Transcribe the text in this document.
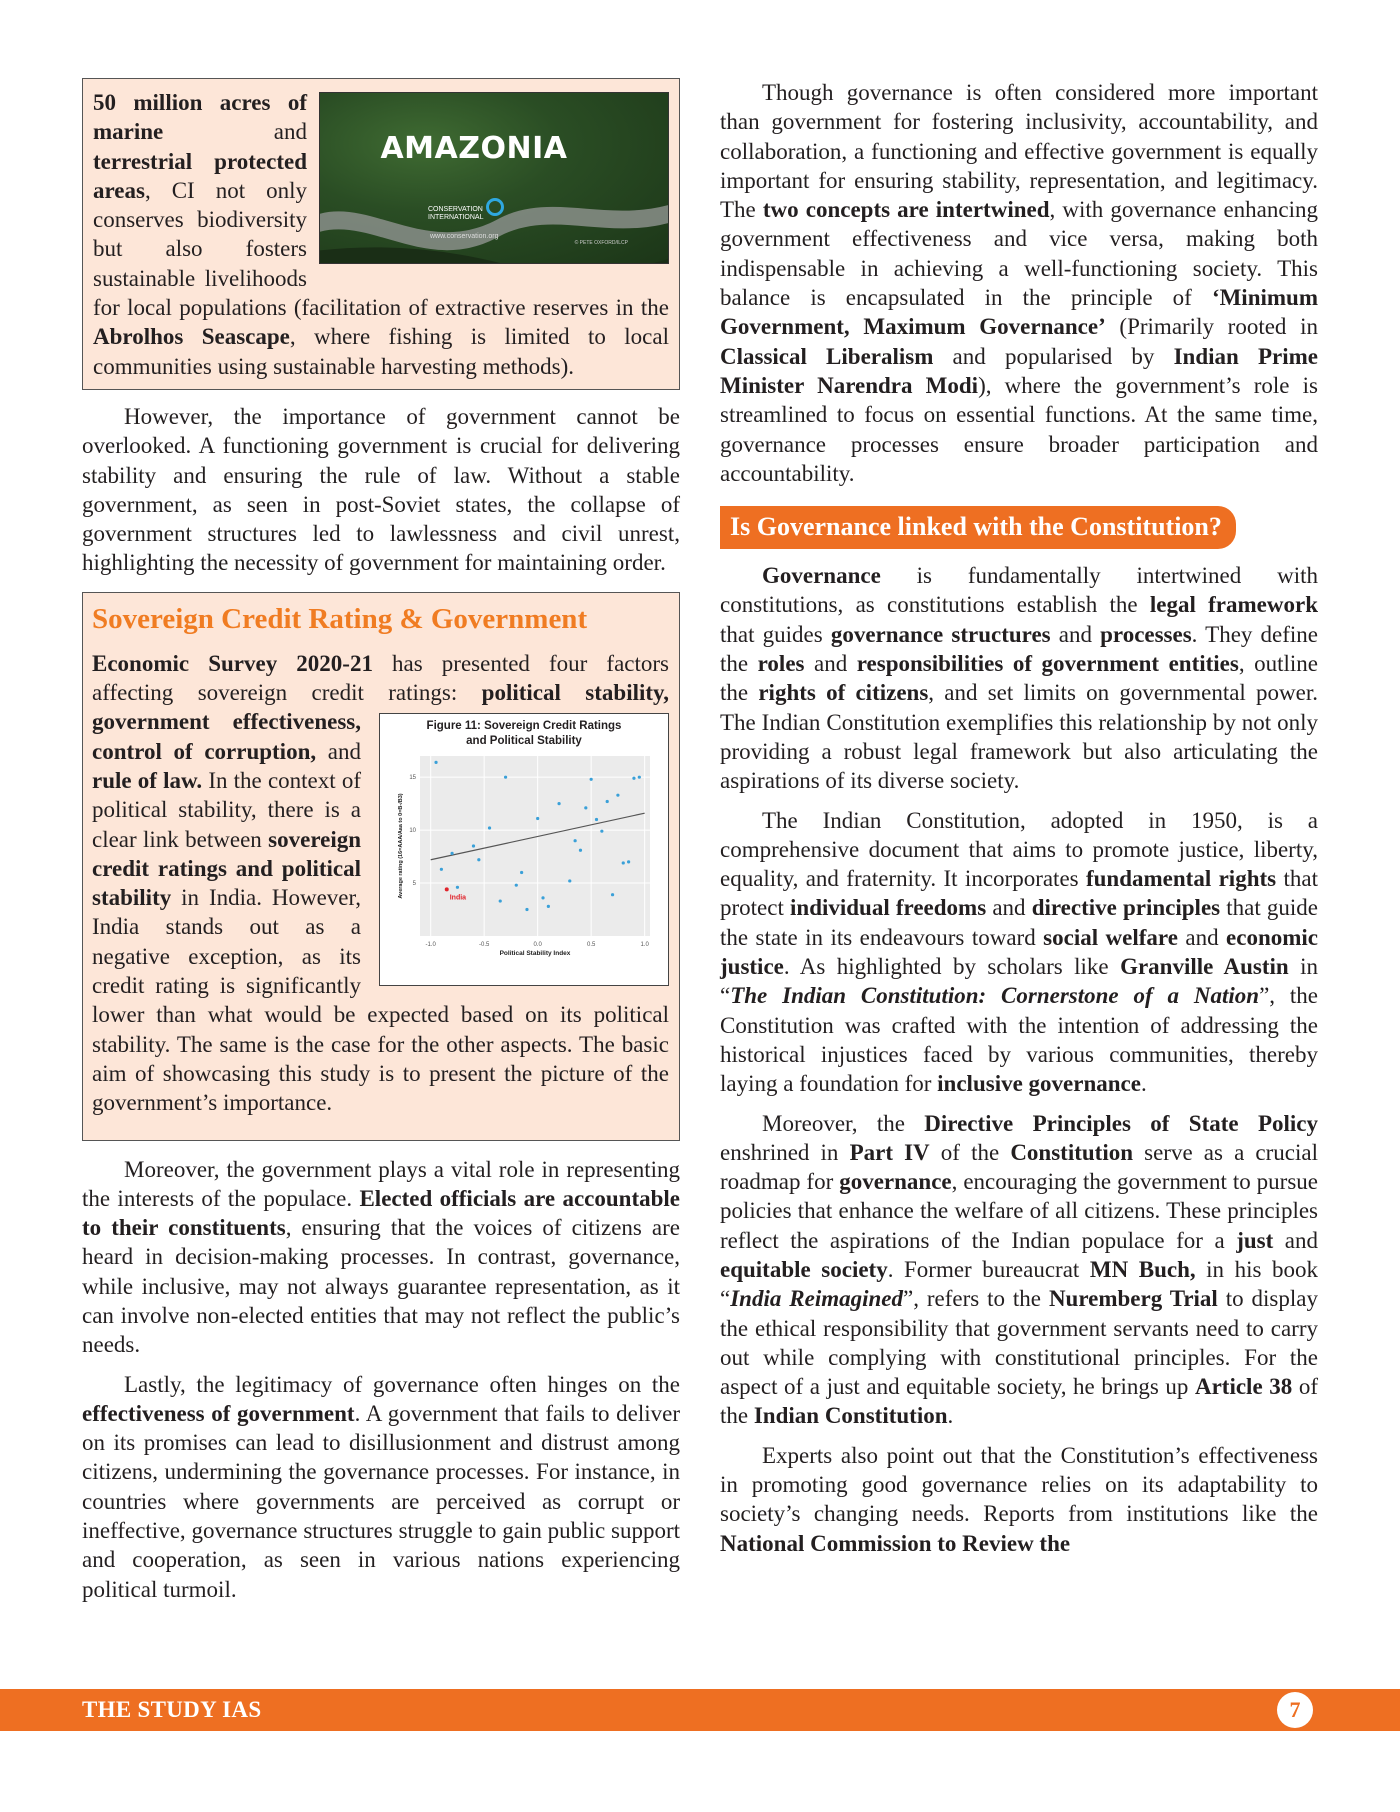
AMAZONIA
CONSERVATION
INTERNATIONAL
www.conservation.org
© PETE OXFORD/ILCP

50 million acres of marine and terrestrial protected areas, CI not only conserves biodiversity but also fosters sustainable livelihoods for local populations (facilitation of extractive reserves in the Abrolhos Seascape, where fishing is limited to local communities using sustainable harvesting methods).

However, the importance of government cannot be overlooked. A functioning government is crucial for delivering stability and ensuring the rule of law. Without a stable government, as seen in post-Soviet states, the collapse of government structures led to lawlessness and civil unrest, highlighting the necessity of government for maintaining order.

Sovereign Credit Rating & Government

Economic Survey 2020-21 has presented four factors affecting sovereign credit ratings:
Figure 11: Sovereign Credit Ratings
and Political Stability
-1.0	-0.5	0.0	0.5	1.0
5
10
15
India
Political Stability Index
Average rating (16=AAA/Aaa to 0=B-/B3)
political stability, government effectiveness, control of corruption, and rule of law. In the context of political stability, there is a clear link between sovereign credit ratings and political stability in India. However, India stands out as a negative exception, as its credit rating is significantly lower than what would be expected based on its political stability. The same is the case for the other aspects. The basic aim of showcasing this study is to present the picture of the government’s importance.

Moreover, the government plays a vital role in representing the interests of the populace. Elected officials are accountable to their constituents, ensuring that the voices of citizens are heard in decision-making processes. In contrast, governance, while inclusive, may not always guarantee representation, as it can involve non-elected entities that may not reflect the public’s needs.

Lastly, the legitimacy of governance often hinges on the effectiveness of government. A government that fails to deliver on its promises can lead to disillusionment and distrust among citizens, undermining the governance processes. For instance, in countries where governments are perceived as corrupt or ineffective, governance structures struggle to gain public support and cooperation, as seen in various nations experiencing political turmoil.

Though governance is often considered more important than government for fostering inclusivity, accountability, and collaboration, a functioning and effective government is equally important for ensuring stability, representation, and legitimacy. The two concepts are intertwined, with governance enhancing government effectiveness and vice versa, making both indispensable in achieving a well-functioning society. This balance is encapsulated in the principle of ‘Minimum Government, Maximum Governance’ (Primarily rooted in Classical Liberalism and popularised by Indian Prime Minister Narendra Modi), where the government’s role is streamlined to focus on essential functions. At the same time, governance processes ensure broader participation and accountability.

Is Governance linked with the Constitution?

Governance is fundamentally intertwined with constitutions, as constitutions establish the legal framework that guides governance structures and processes. They define the roles and responsibilities of government entities, outline the rights of citizens, and set limits on governmental power. The Indian Constitution exemplifies this relationship by not only providing a robust legal framework but also articulating the aspirations of its diverse society.

The Indian Constitution, adopted in 1950, is a comprehensive document that aims to promote justice, liberty, equality, and fraternity. It incorporates fundamental rights that protect individual freedoms and directive principles that guide the state in its endeavours toward social welfare and economic justice. As highlighted by scholars like Granville Austin in “The Indian Constitution: Cornerstone of a Nation”, the Constitution was crafted with the intention of addressing the historical injustices faced by various communities, thereby laying a foundation for inclusive governance.

Moreover, the Directive Principles of State Policy enshrined in Part IV of the Constitution serve as a crucial roadmap for governance, encouraging the government to pursue policies that enhance the welfare of all citizens. These principles reflect the aspirations of the Indian populace for a just and equitable society. Former bureaucrat MN Buch, in his book “India Reimagined”, refers to the Nuremberg Trial to display the ethical responsibility that government servants need to carry out while complying with constitutional principles. For the aspect of a just and equitable society, he brings up Article 38 of the Indian Constitution.

Experts also point out that the Constitution’s effectiveness in promoting good governance relies on its adaptability to society’s changing needs. Reports from institutions like the National Commission to Review the

THE STUDY IAS	7
